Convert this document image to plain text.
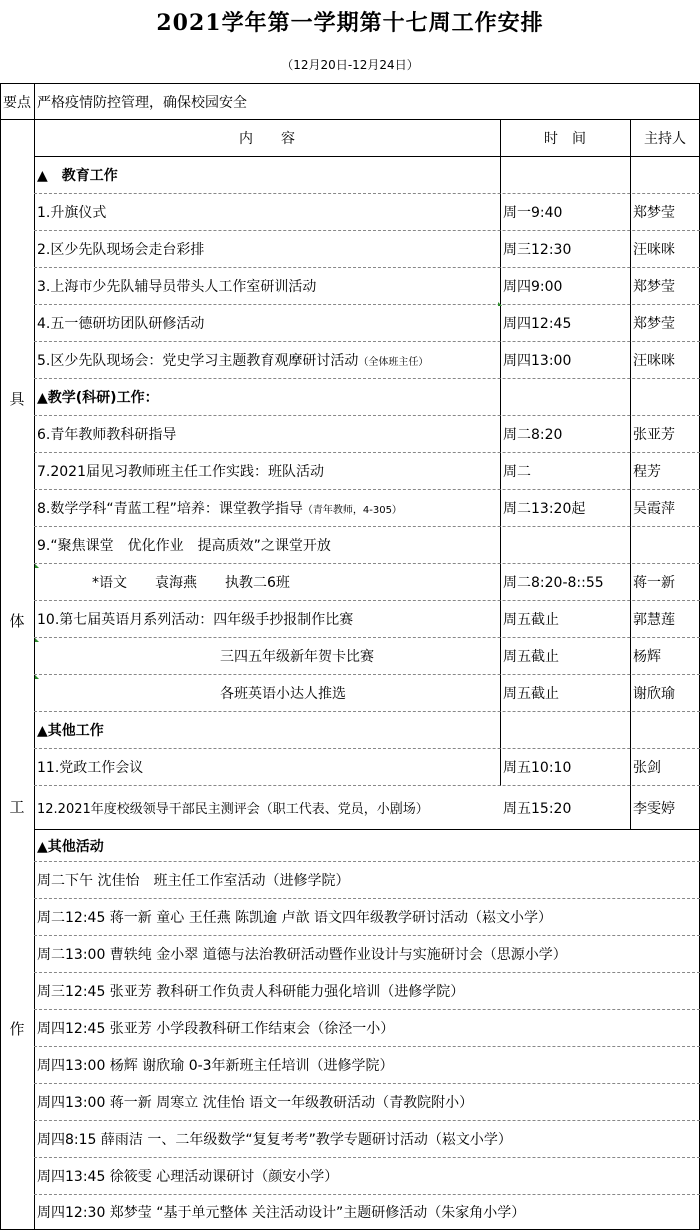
2021学年第一学期第十七周工作安排
（12月20日-12月24日）
要点 严格疫情防控管理，确保校园安全
具
体
工
作
内　　容	时　间	主持人
▲　教育工作
1.升旗仪式	周一9:40	郑梦莹
2.区少先队现场会走台彩排	周三12:30	汪咪咪
3.上海市少先队辅导员带头人工作室研训活动	周四9:00	郑梦莹
4.五一德研坊团队研修活动	周四12:45	郑梦莹
5.区少先队现场会：党史学习主题教育观摩研讨活动 （全体班主任）	周四13:00	汪咪咪
▲教学(科研)工作：
6.青年教师教科研指导	周二8:20	张亚芳
7.2021届见习教师班主任工作实践：班队活动	周二	程芳
8.数学学科“青蓝工程”培养：课堂教学指导 （青年教师，4-305）	周二13:20起	吴霞萍
9.“聚焦课堂　优化作业　提高质效”之课堂开放
*语文　　袁海燕　　执教二6班	周二8:20-8::55	蒋一新
10.第七届英语月系列活动：四年级手抄报制作比赛	周五截止	郭慧莲
三四五年级新年贺卡比赛	周五截止	杨辉
各班英语小达人推选	周五截止	谢欣瑜
▲其他工作
11.党政工作会议	周五10:10	张剑
12.2021年度校级领导干部民主测评会（职工代表、党员，小剧场）	周五15:20	李雯婷
▲其他活动
周二下午 沈佳怡　班主任工作室活动（进修学院）
周二12:45 蒋一新 童心 王任燕 陈凯逾 卢歆 语文四年级教学研讨活动（崧文小学）
周二13:00 曹轶纯 金小翠 道德与法治教研活动暨作业设计与实施研讨会（思源小学）
周三12:45 张亚芳 教科研工作负责人科研能力强化培训（进修学院）
周四12:45 张亚芳 小学段教科研工作结束会（徐泾一小）
周四13:00 杨辉 谢欣瑜 0-3年新班主任培训（进修学院）
周四13:00 蒋一新 周寒立 沈佳怡 语文一年级教研活动（青教院附小）
周四8:15 薛雨洁 一、二年级数学“复复考考”教学专题研讨活动（崧文小学）
周四13:45 徐筱雯 心理活动课研讨（颜安小学）
周四12:30 郑梦莹 “基于单元整体 关注活动设计”主题研修活动（朱家角小学）
